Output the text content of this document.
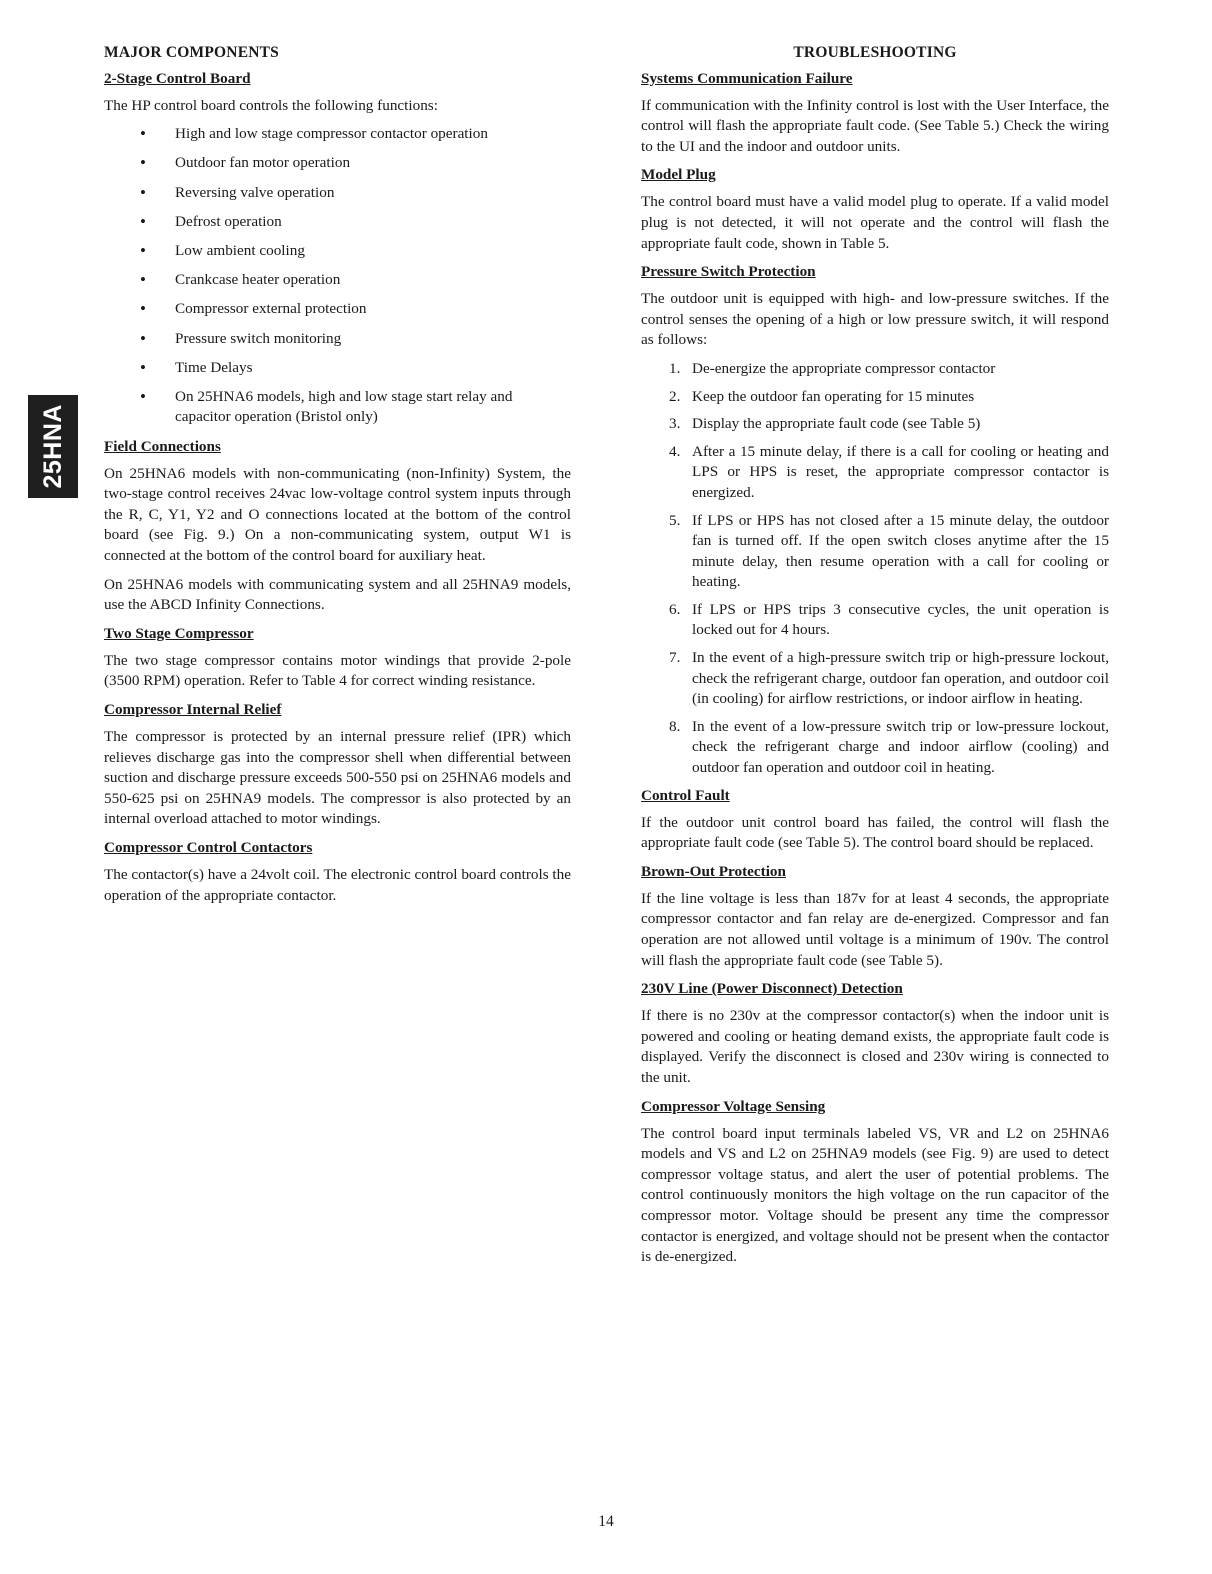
25HNA
MAJOR COMPONENTS
2-Stage Control Board

The HP control board controls the following functions:

• High and low stage compressor contactor operation
• Outdoor fan motor operation
• Reversing valve operation
• Defrost operation
• Low ambient cooling
• Crankcase heater operation
• Compressor external protection
• Pressure switch monitoring
• Time Delays
• On 25HNA6 models, high and low stage start relay and capacitor operation (Bristol only)
Field Connections

On 25HNA6 models with non-communicating (non-Infinity) System, the two-stage control receives 24vac low-voltage control system inputs through the R, C, Y1, Y2 and O connections located at the bottom of the control board (see Fig. 9.) On a non-communicating system, output W1 is connected at the bottom of the control board for auxiliary heat.

On 25HNA6 models with communicating system and all 25HNA9 models, use the ABCD Infinity Connections.

Two Stage Compressor

The two stage compressor contains motor windings that provide 2-pole (3500 RPM) operation. Refer to Table 4 for correct winding resistance.

Compressor Internal Relief

The compressor is protected by an internal pressure relief (IPR) which relieves discharge gas into the compressor shell when differential between suction and discharge pressure exceeds 500-550 psi on 25HNA6 models and 550-625 psi on 25HNA9 models. The compressor is also protected by an internal overload attached to motor windings.

Compressor Control Contactors

The contactor(s) have a 24volt coil. The electronic control board controls the operation of the appropriate contactor.

TROUBLESHOOTING
Systems Communication Failure

If communication with the Infinity control is lost with the User Interface, the control will flash the appropriate fault code. (See Table 5.) Check the wiring to the UI and the indoor and outdoor units.

Model Plug

The control board must have a valid model plug to operate. If a valid model plug is not detected, it will not operate and the control will flash the appropriate fault code, shown in Table 5.

Pressure Switch Protection

The outdoor unit is equipped with high- and low-pressure switches. If the control senses the opening of a high or low pressure switch, it will respond as follows:

1. De-energize the appropriate compressor contactor
2. Keep the outdoor fan operating for 15 minutes
3. Display the appropriate fault code (see Table 5)
4. After a 15 minute delay, if there is a call for cooling or heating and LPS or HPS is reset, the appropriate compressor contactor is energized.
5. If LPS or HPS has not closed after a 15 minute delay, the outdoor fan is turned off. If the open switch closes anytime after the 15 minute delay, then resume operation with a call for cooling or heating.
6. If LPS or HPS trips 3 consecutive cycles, the unit operation is locked out for 4 hours.
7. In the event of a high-pressure switch trip or high-pressure lockout, check the refrigerant charge, outdoor fan operation, and outdoor coil (in cooling) for airflow restrictions, or indoor airflow in heating.
8. In the event of a low-pressure switch trip or low-pressure lockout, check the refrigerant charge and indoor airflow (cooling) and outdoor fan operation and outdoor coil in heating.
Control Fault

If the outdoor unit control board has failed, the control will flash the appropriate fault code (see Table 5). The control board should be replaced.

Brown-Out Protection

If the line voltage is less than 187v for at least 4 seconds, the appropriate compressor contactor and fan relay are de-energized. Compressor and fan operation are not allowed until voltage is a minimum of 190v. The control will flash the appropriate fault code (see Table 5).

230V Line (Power Disconnect) Detection

If there is no 230v at the compressor contactor(s) when the indoor unit is powered and cooling or heating demand exists, the appropriate fault code is displayed. Verify the disconnect is closed and 230v wiring is connected to the unit.

Compressor Voltage Sensing

The control board input terminals labeled VS, VR and L2 on 25HNA6 models and VS and L2 on 25HNA9 models (see Fig. 9) are used to detect compressor voltage status, and alert the user of potential problems. The control continuously monitors the high voltage on the run capacitor of the compressor motor. Voltage should be present any time the compressor contactor is energized, and voltage should not be present when the contactor is de-energized.

14
